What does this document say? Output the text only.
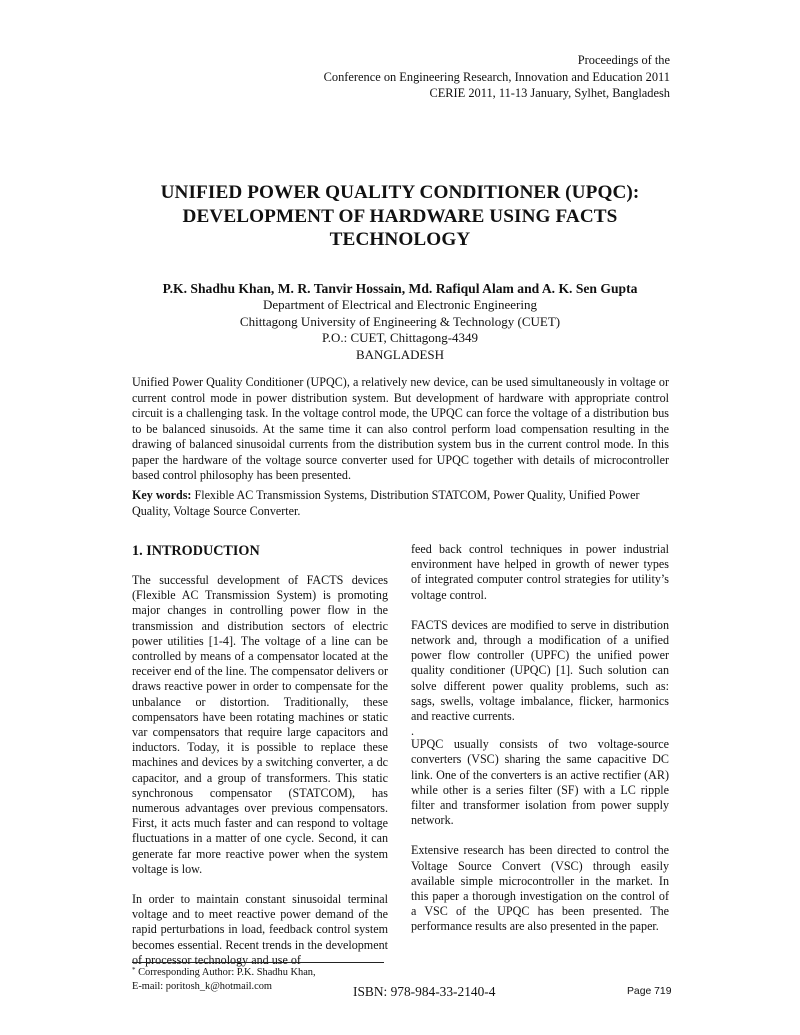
Proceedings of the
Conference on Engineering Research, Innovation and Education 2011
CERIE 2011, 11-13 January, Sylhet, Bangladesh
UNIFIED POWER QUALITY CONDITIONER (UPQC):
DEVELOPMENT OF HARDWARE USING FACTS
TECHNOLOGY
P.K. Shadhu Khan, M. R. Tanvir Hossain, Md. Rafiqul Alam and A. K. Sen Gupta
Department of Electrical and Electronic Engineering
Chittagong University of Engineering & Technology (CUET)
P.O.: CUET, Chittagong-4349
BANGLADESH
Unified Power Quality Conditioner (UPQC), a relatively new device, can be used simultaneously in voltage or current control mode in power distribution system. But development of hardware with appropriate control circuit is a challenging task. In the voltage control mode, the UPQC can force the voltage of a distribution bus to be balanced sinusoids. At the same time it can also control perform load compensation resulting in the drawing of balanced sinusoidal currents from the distribution system bus in the current control mode. In this paper the hardware of the voltage source converter used for UPQC together with details of microcontroller based control philosophy has been presented.
Key words: Flexible AC Transmission Systems, Distribution STATCOM, Power Quality, Unified Power Quality, Voltage Source Converter.
1. INTRODUCTION

The successful development of FACTS devices (Flexible AC Transmission System) is promoting major changes in controlling power flow in the transmission and distribution sectors of electric power utilities [1-4]. The voltage of a line can be controlled by means of a compensator located at the receiver end of the line. The compensator delivers or draws reactive power in order to compensate for the unbalance or distortion. Traditionally, these compensators have been rotating machines or static var compensators that require large capacitors and inductors. Today, it is possible to replace these machines and devices by a switching converter, a dc capacitor, and a group of transformers. This static synchronous compensator (STATCOM), has numerous advantages over previous compensators. First, it acts much faster and can respond to voltage fluctuations in a matter of one cycle. Second, it can generate far more reactive power when the system voltage is low.

In order to maintain constant sinusoidal terminal voltage and to meet reactive power demand of the rapid perturbations in load, feedback control system becomes essential. Recent trends in the development of processor technology and use of

feed back control techniques in power industrial environment have helped in growth of newer types of integrated computer control strategies for utility’s voltage control.

FACTS devices are modified to serve in distribution network and, through a modification of a unified power flow controller (UPFC) the unified power quality conditioner (UPQC) [1]. Such solution can solve different power quality problems, such as: sags, swells, voltage imbalance, flicker, harmonics and reactive currents.

.

UPQC usually consists of two voltage-source converters (VSC) sharing the same capacitive DC link. One of the converters is an active rectifier (AR) while other is a series filter (SF) with a LC ripple filter and transformer isolation from power supply network.

Extensive research has been directed to control the Voltage Source Convert (VSC) through easily available simple microcontroller in the market. In this paper a thorough investigation on the control of a VSC of the UPQC has been presented. The performance results are also presented in the paper.

* Corresponding Author: P.K. Shadhu Khan,
E-mail: poritosh_k@hotmail.com	ISBN: 978-984-33-2140-4	Page 719
